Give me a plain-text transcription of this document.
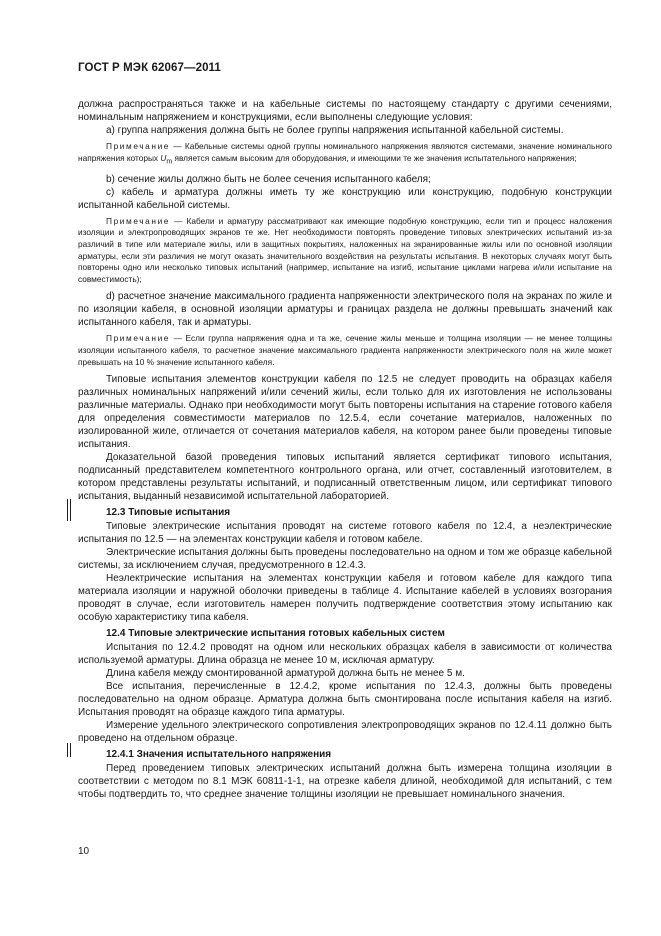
ГОСТ Р МЭК 62067—2011

должна распространяться также и на кабельные системы по настоящему стандарту с другими сечениями, номинальным напряжением и конструкциями, если выполнены следующие условия:

а) группа напряжения должна быть не более группы напряжения испытанной кабельной системы.

Примечание — Кабельные системы одной группы номинального напряжения являются системами, значение номинального напряжения которых $U_m$ является самым высоким для оборудования, и имеющими те же значения испытательного напряжения;

b) сечение жилы должно быть не более сечения испытанного кабеля;

c) кабель и арматура должны иметь ту же конструкцию или конструкцию, подобную конструкции испытанной кабельной системы.

Примечание — Кабели и арматуру рассматривают как имеющие подобную конструкцию, если тип и процесс наложения изоляции и электропроводящих экранов те же. Нет необходимости повторять проведение типовых электрических испытаний из-за различий в типе или материале жилы, или в защитных покрытиях, наложенных на экранированные жилы или по основной изоляции арматуры, если эти различия не могут оказать значительного воздействия на результаты испытания. В некоторых случаях могут быть повторены одно или несколько типовых испытаний (например, испытание на изгиб, испытание циклами нагрева и/или испытание на совместимость);

d) расчетное значение максимального градиента напряженности электрического поля на экранах по жиле и по изоляции кабеля, в основной изоляции арматуры и границах раздела не должны превышать значений как испытанного кабеля, так и арматуры.

Примечание — Если группа напряжения одна и та же, сечение жилы меньше и толщина изоляции — не менее толщины изоляции испытанного кабеля, то расчетное значение максимального градиента напряженности электрического поля на жиле может превышать на 10 % значение испытанного кабеля.

Типовые испытания элементов конструкции кабеля по 12.5 не следует проводить на образцах кабеля различных номинальных напряжений и/или сечений жилы, если только для их изготовления не использованы различные материалы. Однако при необходимости могут быть повторены испытания на старение готового кабеля для определения совместимости материалов по 12.5.4, если сочетание материалов, наложенных по изолированной жиле, отличается от сочетания материалов кабеля, на котором ранее были проведены типовые испытания.

Доказательной базой проведения типовых испытаний является сертификат типового испытания, подписанный представителем компетентного контрольного органа, или отчет, составленный изготовителем, в котором представлены результаты испытаний, и подписанный ответственным лицом, или сертификат типового испытания, выданный независимой испытательной лабораторией.

12.3 Типовые испытания

Типовые электрические испытания проводят на системе готового кабеля по 12.4, а неэлектрические испытания по 12.5 — на элементах конструкции кабеля и готовом кабеле.

Электрические испытания должны быть проведены последовательно на одном и том же образце кабельной системы, за исключением случая, предусмотренного в 12.4.3.

Неэлектрические испытания на элементах конструкции кабеля и готовом кабеле для каждого типа материала изоляции и наружной оболочки приведены в таблице 4. Испытание кабелей в условиях возгорания проводят в случае, если изготовитель намерен получить подтверждение соответствия этому испытанию как особую характеристику типа кабеля.

12.4 Типовые электрические испытания готовых кабельных систем

Испытания по 12.4.2 проводят на одном или нескольких образцах кабеля в зависимости от количества используемой арматуры. Длина образца не менее 10 м, исключая арматуру.

Длина кабеля между смонтированной арматурой должна быть не менее 5 м.

Все испытания, перечисленные в 12.4.2, кроме испытания по 12.4.3, должны быть проведены последовательно на одном образце. Арматура должна быть смонтирована после испытания кабеля на изгиб. Испытания проводят на образце каждого типа арматуры.

Измерение удельного электрического сопротивления электропроводящих экранов по 12.4.11 должно быть проведено на отдельном образце.

12.4.1 Значения испытательного напряжения

Перед проведением типовых электрических испытаний должна быть измерена толщина изоляции в соответствии с методом по 8.1 МЭК 60811-1-1, на отрезке кабеля длиной, необходимой для испытаний, с тем чтобы подтвердить то, что среднее значение толщины изоляции не превышает номинального значения.

10
